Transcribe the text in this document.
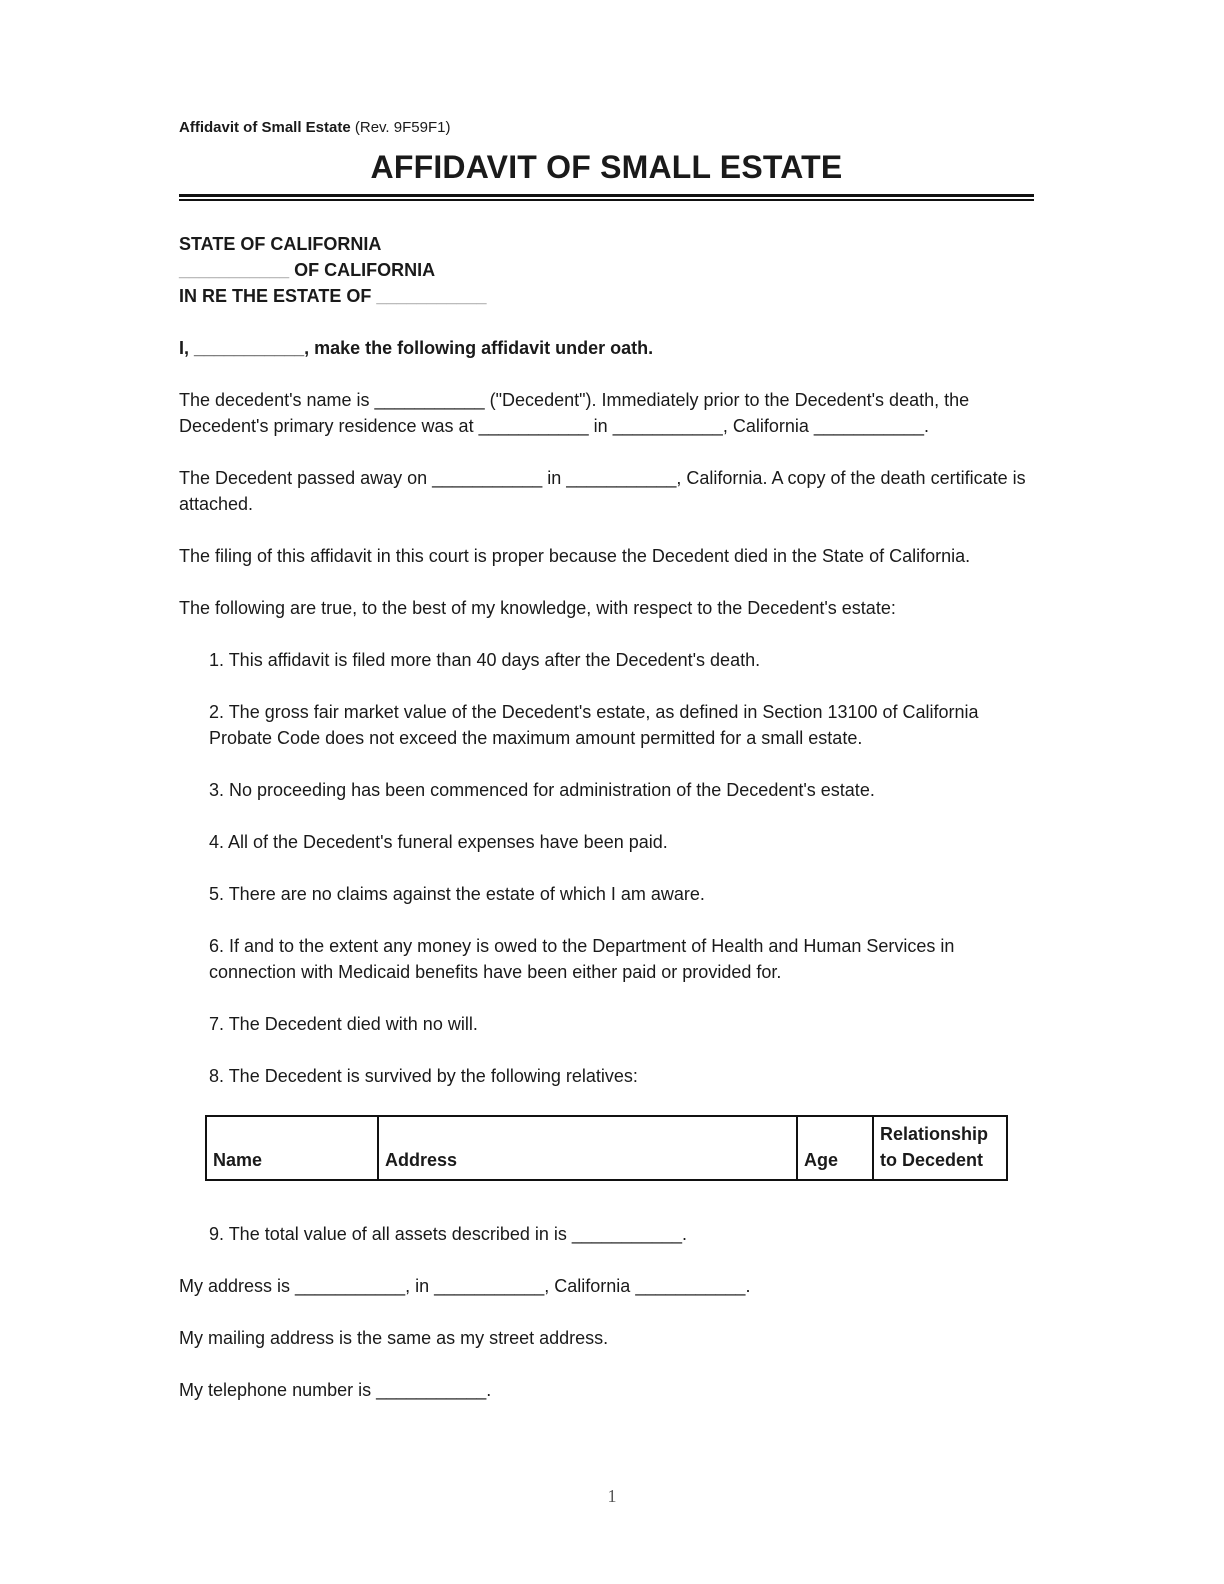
Affidavit of Small Estate (Rev. 9F59F1)
AFFIDAVIT OF SMALL ESTATE
STATE OF CALIFORNIA
___________ OF CALIFORNIA
IN RE THE ESTATE OF ___________
I, ___________, make the following affidavit under oath.
The decedent's name is ___________ ("Decedent"). Immediately prior to the Decedent's death, the Decedent's primary residence was at ___________ in ___________, California ___________.
The Decedent passed away on ___________ in ___________, California. A copy of the death certificate is attached.
The filing of this affidavit in this court is proper because the Decedent died in the State of California.
The following are true, to the best of my knowledge, with respect to the Decedent's estate:
1. This affidavit is filed more than 40 days after the Decedent's death.
2. The gross fair market value of the Decedent's estate, as defined in Section 13100 of California Probate Code does not exceed the maximum amount permitted for a small estate.
3. No proceeding has been commenced for administration of the Decedent's estate.
4. All of the Decedent's funeral expenses have been paid.
5. There are no claims against the estate of which I am aware.
6. If and to the extent any money is owed to the Department of Health and Human Services in connection with Medicaid benefits have been either paid or provided for.
7. The Decedent died with no will.
8. The Decedent is survived by the following relatives:
Name	Address	Age	Relationship to Decedent
9. The total value of all assets described in is ___________.
My address is ___________, in ___________, California ___________.
My mailing address is the same as my street address.
My telephone number is ___________.
1
